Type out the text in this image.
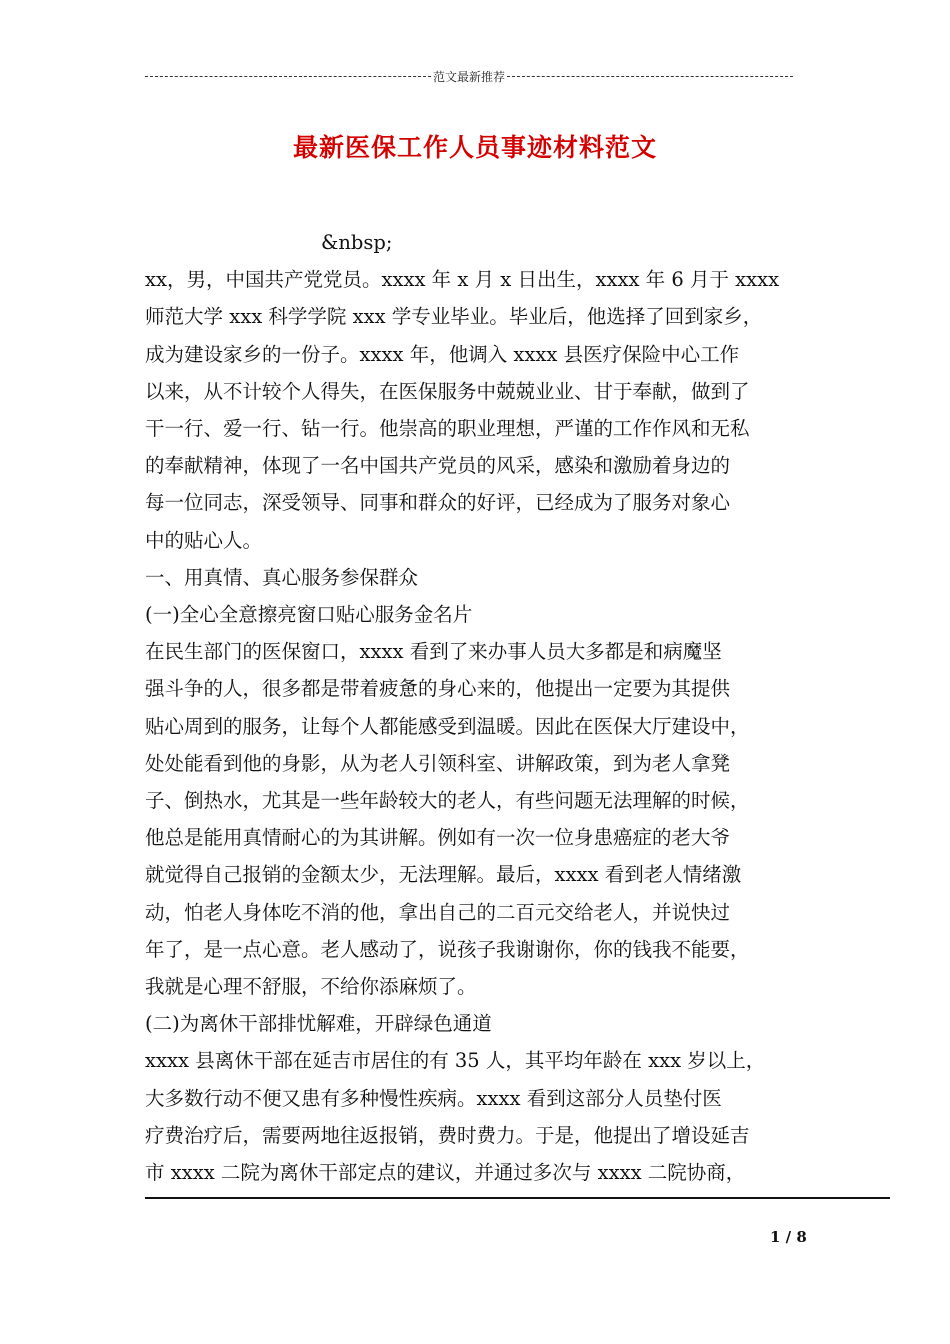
范文最新推荐
最新医保工作人员事迹材料范文

&nbsp;

xx，男，中国共产党党员。xxxx 年 x 月 x 日出生，xxxx 年 6 月于 xxxx

师范大学 xxx 科学学院 xxx 学专业毕业。毕业后，他选择了回到家乡，

成为建设家乡的一份子。xxxx 年，他调入 xxxx 县医疗保险中心工作

以来，从不计较个人得失，在医保服务中兢兢业业、甘于奉献，做到了

干一行、爱一行、钻一行。他崇高的职业理想，严谨的工作作风和无私

的奉献精神，体现了一名中国共产党员的风采，感染和激励着身边的

每一位同志，深受领导、同事和群众的好评，已经成为了服务对象心

中的贴心人。

一、用真情、真心服务参保群众

(一)全心全意擦亮窗口贴心服务金名片

在民生部门的医保窗口，xxxx 看到了来办事人员大多都是和病魔坚

强斗争的人，很多都是带着疲惫的身心来的，他提出一定要为其提供

贴心周到的服务，让每个人都能感受到温暖。因此在医保大厅建设中，

处处能看到他的身影，从为老人引领科室、讲解政策，到为老人拿凳

子、倒热水，尤其是一些年龄较大的老人，有些问题无法理解的时候，

他总是能用真情耐心的为其讲解。例如有一次一位身患癌症的老大爷

就觉得自己报销的金额太少，无法理解。最后，xxxx 看到老人情绪激

动，怕老人身体吃不消的他，拿出自己的二百元交给老人，并说快过

年了，是一点心意。老人感动了，说孩子我谢谢你，你的钱我不能要，

我就是心理不舒服，不给你添麻烦了。

(二)为离休干部排忧解难，开辟绿色通道

xxxx 县离休干部在延吉市居住的有 35 人，其平均年龄在 xxx 岁以上，

大多数行动不便又患有多种慢性疾病。xxxx 看到这部分人员垫付医

疗费治疗后，需要两地往返报销，费时费力。于是，他提出了增设延吉

市 xxxx 二院为离休干部定点的建议，并通过多次与 xxxx 二院协商，

1 / 8
